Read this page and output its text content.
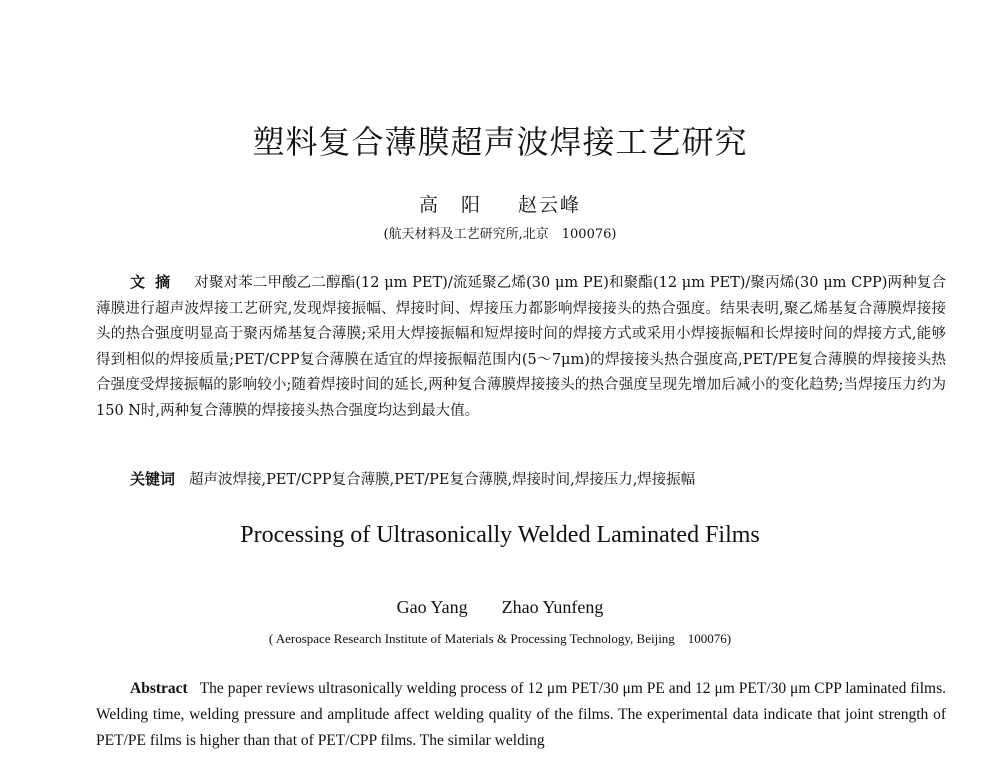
塑料复合薄膜超声波焊接工艺研究
高　阳 赵云峰
(航天材料及工艺研究所,北京　100076)

文摘 对聚对苯二甲酸乙二醇酯(12 μm PET)/流延聚乙烯(30 μm PE)和聚酯(12 μm PET)/聚丙烯(30 μm CPP)两种复合薄膜进行超声波焊接工艺研究,发现焊接振幅、焊接时间、焊接压力都影响焊接接头的热合强度。结果表明,聚乙烯基复合薄膜焊接接头的热合强度明显高于聚丙烯基复合薄膜;采用大焊接振幅和短焊接时间的焊接方式或采用小焊接振幅和长焊接时间的焊接方式,能够得到相似的焊接质量;PET/CPP复合薄膜在适宜的焊接振幅范围内(5～7μm)的焊接接头热合强度高,PET/PE复合薄膜的焊接接头热合强度受焊接振幅的影响较小;随着焊接时间的延长,两种复合薄膜焊接接头的热合强度呈现先增加后减小的变化趋势;当焊接压力约为150 N时,两种复合薄膜的焊接接头热合强度均达到最大值。

关键词 超声波焊接,PET/CPP复合薄膜,PET/PE复合薄膜,焊接时间,焊接压力,焊接振幅

Processing of Ultrasonically Welded Laminated Films
Gao Yang Zhao Yunfeng
( Aerospace Research Institute of Materials & Processing Technology, Beijing　100076)

Abstract The paper reviews ultrasonically welding process of 12 μm PET/30 μm PE and 12 μm PET/30 μm CPP laminated films. Welding time, welding pressure and amplitude affect welding quality of the films. The experimental data indicate that joint strength of PET/PE films is higher than that of PET/CPP films. The similar welding
